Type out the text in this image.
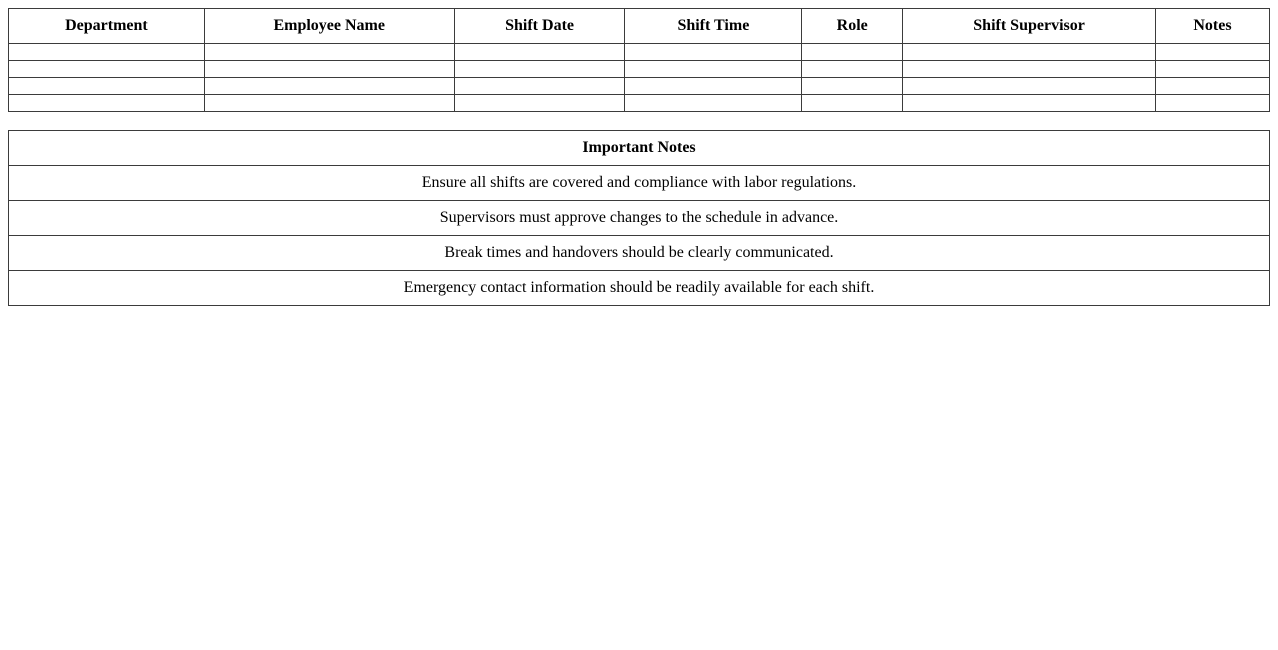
Department	Employee Name	Shift Date	Shift Time	Role	Shift Supervisor	Notes

Important Notes
Ensure all shifts are covered and compliance with labor regulations.
Supervisors must approve changes to the schedule in advance.
Break times and handovers should be clearly communicated.
Emergency contact information should be readily available for each shift.
